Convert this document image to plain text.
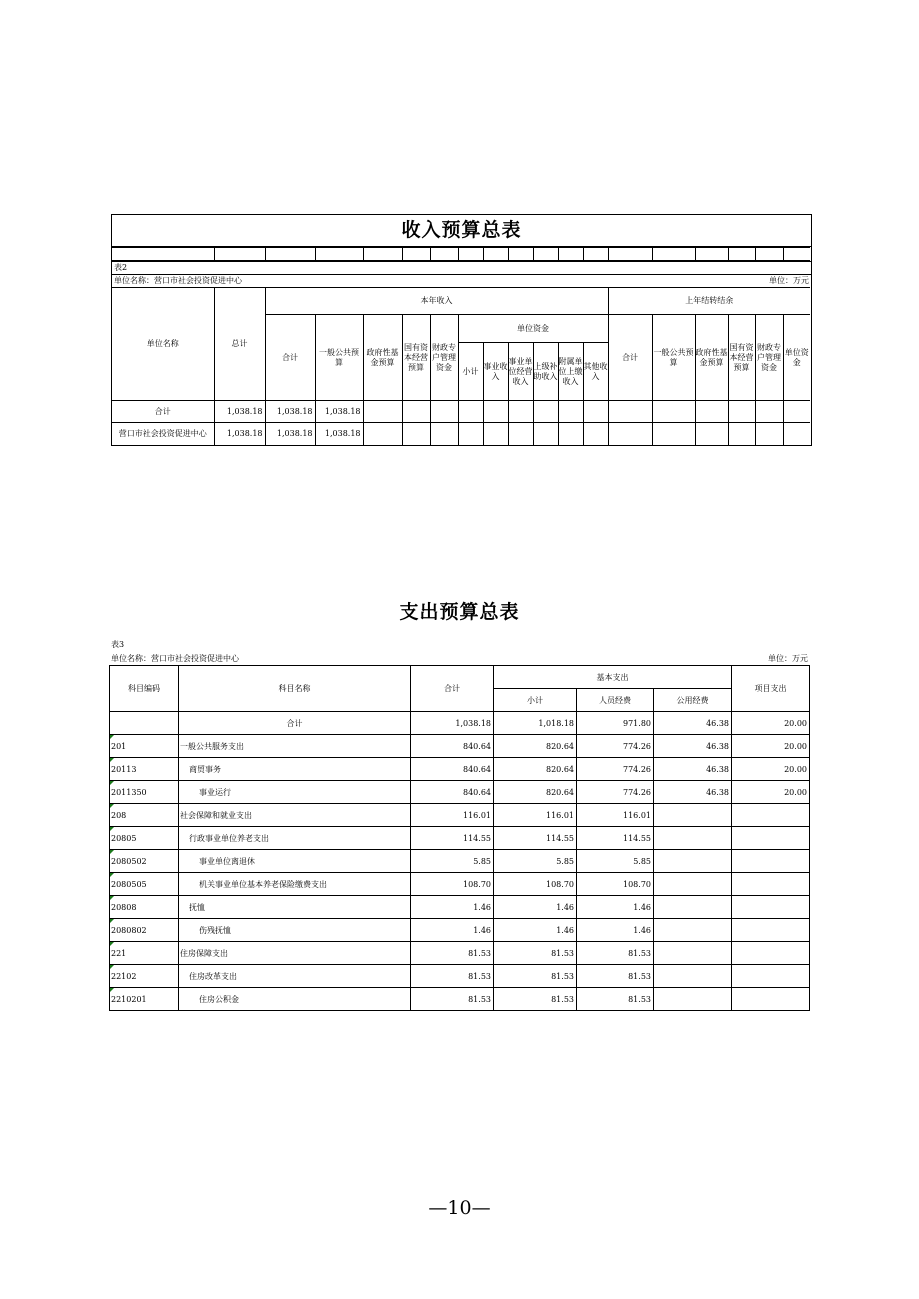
收入预算总表

表2
单位名称：营口市社会投资促进中心	单位：万元
单位名称	总计	本年收入											上年结转结余					
		合计	一般公共预算	政府性基金预算	国有资本经营预算	财政专户管理资金	单位资金						合计	一般公共预算	政府性基金预算	国有资本经营预算	财政专户管理资金	单位资金
							小计	事业收入	事业单位经营收入	上级补助收入	附属单位上缴收入	其他收入						
合计	1,038.18	1,038.18	1,038.18															
营口市社会投资促进中心	1,038.18	1,038.18	1,038.18															
支出预算总表
表3
单位名称：营口市社会投资促进中心	单位：万元
科目编码	科目名称	合计	基本支出			项目支出
			小计	人员经费	公用经费	
	合计	1,038.18	1,018.18	971.80	46.38	20.00
201	一般公共服务支出	840.64	820.64	774.26	46.38	20.00
20113	商贸事务	840.64	820.64	774.26	46.38	20.00
2011350	事业运行	840.64	820.64	774.26	46.38	20.00
208	社会保障和就业支出	116.01	116.01	116.01		
20805	行政事业单位养老支出	114.55	114.55	114.55		
2080502	事业单位离退休	5.85	5.85	5.85		
2080505	机关事业单位基本养老保险缴费支出	108.70	108.70	108.70		
20808	抚恤	1.46	1.46	1.46		
2080802	伤残抚恤	1.46	1.46	1.46		
221	住房保障支出	81.53	81.53	81.53		
22102	住房改革支出	81.53	81.53	81.53		
2210201	住房公积金	81.53	81.53	81.53		
—10—
